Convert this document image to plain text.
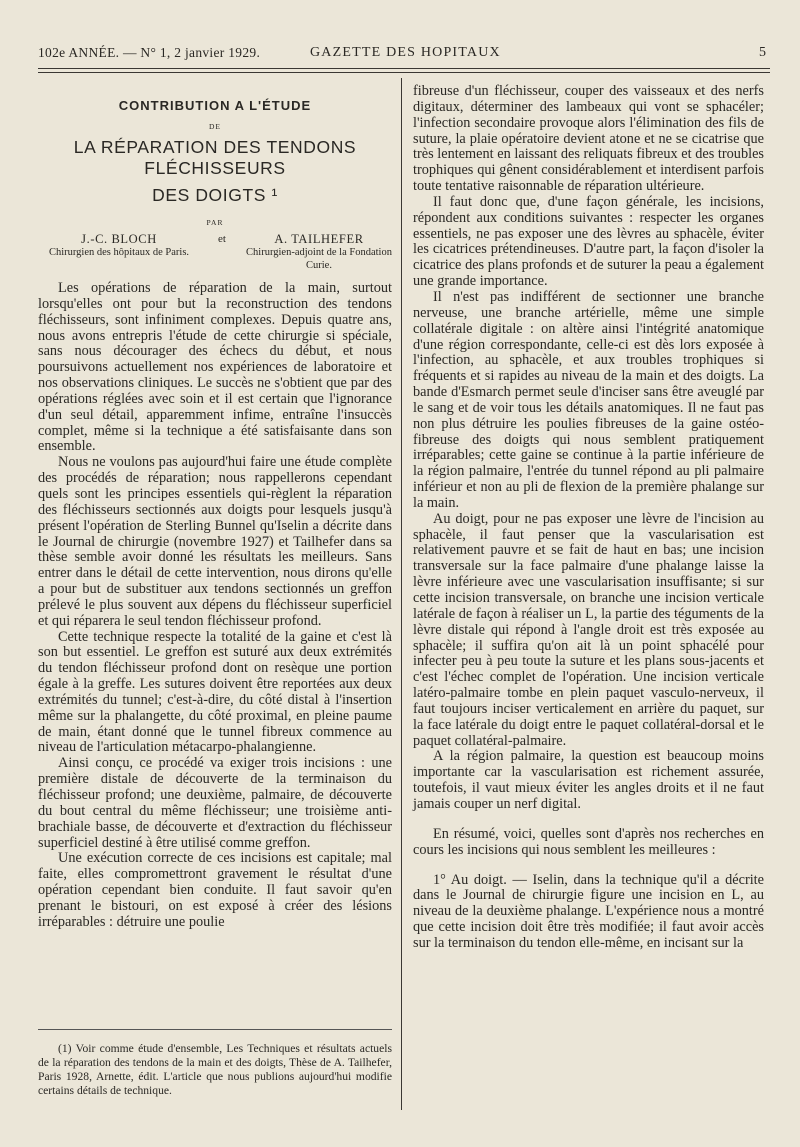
102e ANNÉE. — N° 1, 2 janvier 1929.	GAZETTE DES HOPITAUX	5
CONTRIBUTION A L'ÉTUDE
DE
LA RÉPARATION DES TENDONS FLÉCHISSEURS
DES DOIGTS ¹
PAR
J.-C. BLOCH
Chirurgien des hôpitaux de Paris.
et	A. TAILHEFER
Chirurgien-adjoint de la Fondation Curie.

Les opérations de réparation de la main, surtout lorsqu'elles ont pour but la reconstruction des tendons fléchisseurs, sont infiniment complexes. Depuis quatre ans, nous avons entrepris l'étude de cette chirurgie si spéciale, sans nous décourager des échecs du début, et nous poursuivons actuellement nos expériences de laboratoire et nos observations cliniques. Le succès ne s'obtient que par des opérations réglées avec soin et il est certain que l'ignorance d'un seul détail, apparemment infime, entraîne l'insuccès complet, même si la technique a été satisfaisante dans son ensemble.

Nous ne voulons pas aujourd'hui faire une étude complète des procédés de réparation; nous rappellerons cependant quels sont les principes essentiels qui-règlent la réparation des fléchisseurs sectionnés aux doigts pour lesquels jusqu'à présent l'opération de Sterling Bunnel qu'Iselin a décrite dans le Journal de chirurgie (novembre 1927) et Tailhefer dans sa thèse semble avoir donné les résultats les meilleurs. Sans entrer dans le détail de cette intervention, nous dirons qu'elle a pour but de substituer aux tendons sectionnés un greffon prélevé le plus souvent aux dépens du fléchisseur superficiel et qui réparera le seul tendon fléchisseur profond.

Cette technique respecte la totalité de la gaine et c'est là son but essentiel. Le greffon est suturé aux deux extrémités du tendon fléchisseur profond dont on resèque une portion égale à la greffe. Les sutures doivent être reportées aux deux extrémités du tunnel; c'est-à-dire, du côté distal à l'insertion même sur la phalangette, du côté proximal, en pleine paume de main, étant donné que le tunnel fibreux commence au niveau de l'articulation métacarpo-phalangienne.

Ainsi conçu, ce procédé va exiger trois incisions : une première distale de découverte de la terminaison du fléchisseur profond; une deuxième, palmaire, de découverte du bout central du même fléchisseur; une troisième anti-brachiale basse, de découverte et d'extraction du fléchisseur superficiel destiné à être utilisé comme greffon.

Une exécution correcte de ces incisions est capitale; mal faite, elles compromettront gravement le résultat d'une opération cependant bien conduite. Il faut savoir qu'en prenant le bistouri, on est exposé à créer des lésions irréparables : détruire une poulie

(1) Voir comme étude d'ensemble, Les Techniques et résultats actuels de la réparation des tendons de la main et des doigts, Thèse de A. Tailhefer, Paris 1928, Arnette, édit. L'article que nous publions aujourd'hui modifie certains détails de technique.

fibreuse d'un fléchisseur, couper des vaisseaux et des nerfs digitaux, déterminer des lambeaux qui vont se sphacéler; l'infection secondaire provoque alors l'élimination des fils de suture, la plaie opératoire devient atone et ne se cicatrise que très lentement en laissant des reliquats fibreux et des troubles trophiques qui gênent considérablement et interdisent parfois toute tentative raisonnable de réparation ultérieure.

Il faut donc que, d'une façon générale, les incisions, répondent aux conditions suivantes : respecter les organes essentiels, ne pas exposer une des lèvres au sphacèle, éviter les cicatrices prétendineuses. D'autre part, la façon d'isoler la cicatrice des plans profonds et de suturer la peau a également une grande importance.

Il n'est pas indifférent de sectionner une branche nerveuse, une branche artérielle, même une simple collatérale digitale : on altère ainsi l'intégrité anatomique d'une région correspondante, celle-ci est dès lors exposée à l'infection, au sphacèle, et aux troubles trophiques si fréquents et si rapides au niveau de la main et des doigts. La bande d'Esmarch permet seule d'inciser sans être aveuglé par le sang et de voir tous les détails anatomiques. Il ne faut pas non plus détruire les poulies fibreuses de la gaine ostéo-fibreuse des doigts qui nous semblent pratiquement irréparables; cette gaine se continue à la partie inférieure de la région palmaire, l'entrée du tunnel répond au pli palmaire inférieur et non au pli de flexion de la première phalange sur la main.

Au doigt, pour ne pas exposer une lèvre de l'incision au sphacèle, il faut penser que la vascularisation est relativement pauvre et se fait de haut en bas; une incision transversale sur la face palmaire d'une phalange laisse la lèvre inférieure avec une vascularisation insuffisante; si sur cette incision transversale, on branche une incision verticale latérale de façon à réaliser un L, la partie des téguments de la lèvre distale qui répond à l'angle droit est très exposée au sphacèle; il suffira qu'on ait là un point sphacélé pour infecter peu à peu toute la suture et les plans sous-jacents et c'est l'échec complet de l'opération. Une incision verticale latéro-palmaire tombe en plein paquet vasculo-nerveux, il faut toujours inciser verticalement en arrière du paquet, sur la face latérale du doigt entre le paquet collatéral-dorsal et le paquet collatéral-palmaire.

A la région palmaire, la question est beaucoup moins importante car la vascularisation est richement assurée, toutefois, il vaut mieux éviter les angles droits et il ne faut jamais couper un nerf digital.

En résumé, voici, quelles sont d'après nos recherches en cours les incisions qui nous semblent les meilleures :

1° Au doigt. — Iselin, dans la technique qu'il a décrite dans le Journal de chirurgie figure une incision en L, au niveau de la deuxième phalange. L'expérience nous a montré que cette incision doit être très modifiée; il faut avoir accès sur la terminaison du tendon elle-même, en incisant sur la
